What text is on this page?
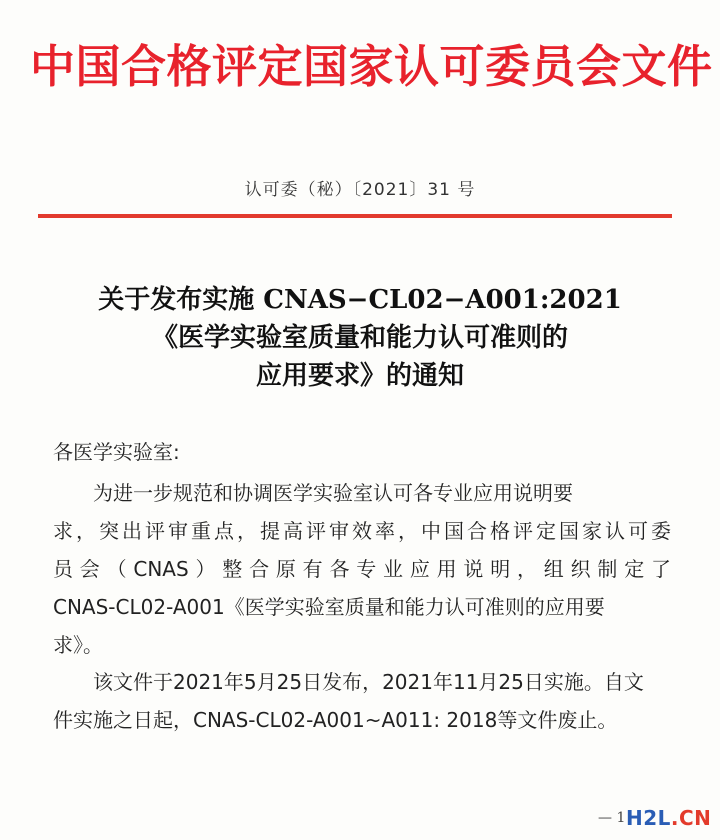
中国合格评定国家认可委员会文件
认可委（秘）〔2021〕31 号
关于发布实施 CNAS−CL02−A001:2021
《医学实验室质量和能力认可准则的
应用要求》的通知
各医学实验室:
为进一步规范和协调医学实验室认可各专业应用说明要
求，突出评审重点，提高评审效率，中国合格评定国家认可委
员会（CNAS）整合原有各专业应用说明，组织制定了
CNAS-CL02-A001《医学实验室质量和能力认可准则的应用要
求》。
该文件于2021年5月25日发布，2021年11月25日实施。自文
件实施之日起，CNAS-CL02-A001~A011: 2018等文件废止。
— 1 H2L.CN
